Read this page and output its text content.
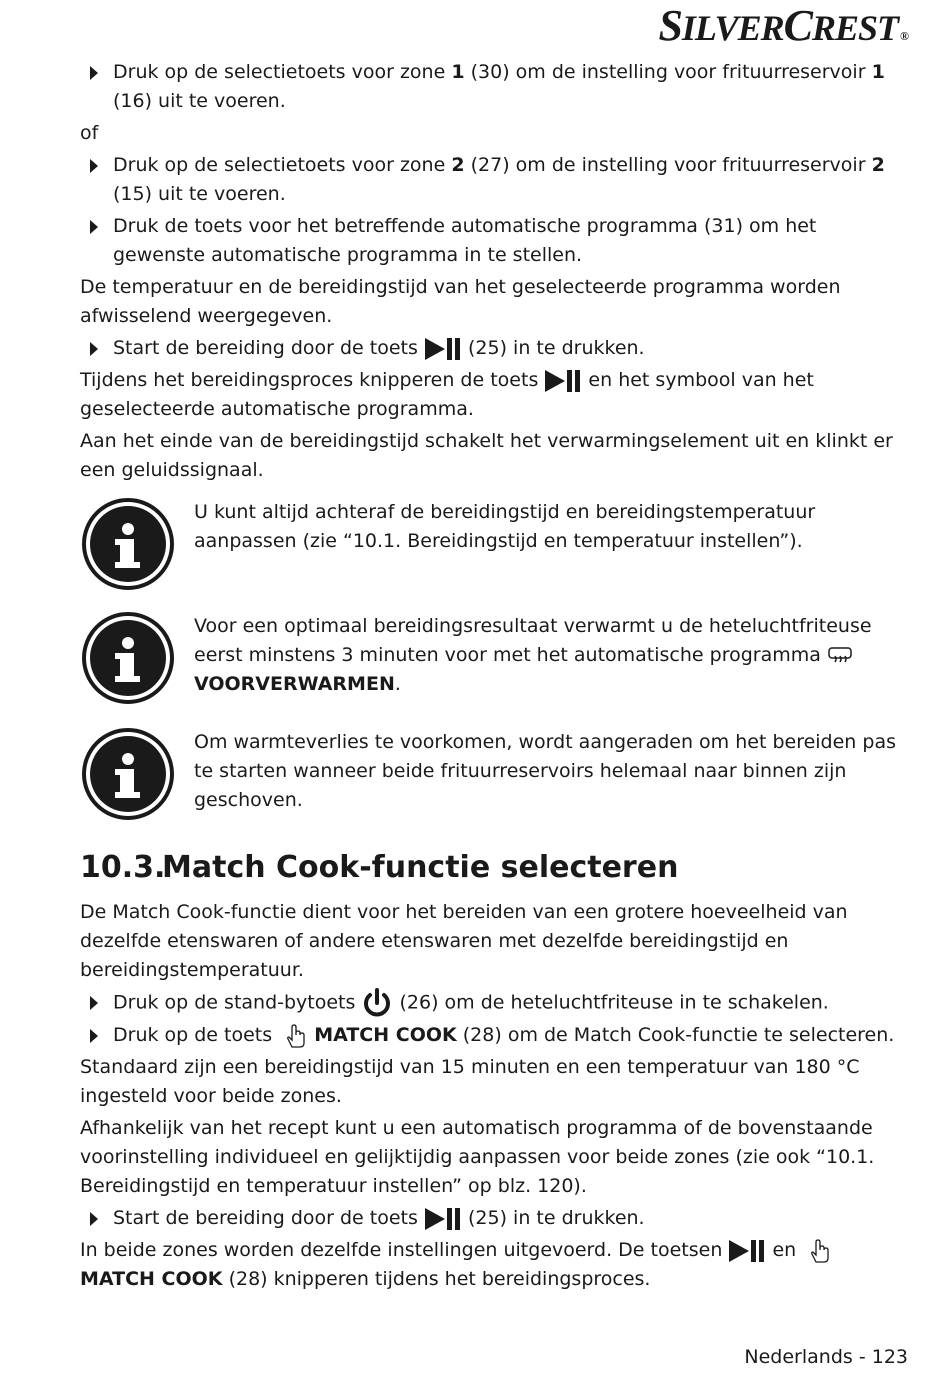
SILVERCREST ®

Druk op de selectietoets voor zone 1 (30) om de instelling voor frituurreservoir 1 (16) uit te voeren.

of

Druk op de selectietoets voor zone 2 (27) om de instelling voor frituurreservoir 2 (15) uit te voeren.

Druk de toets voor het betreffende automatische programma (31) om het gewenste automatische programma in te stellen.

De temperatuur en de bereidingstijd van het geselecteerde programma worden afwisselend weergegeven.

Start de bereiding door de toets  (25) in te drukken.

Tijdens het bereidingsproces knipperen de toets  en het symbool van het geselecteerde automatische programma.

Aan het einde van de bereidingstijd schakelt het verwarmingselement uit en klinkt er een geluidssignaal.

U kunt altijd achteraf de bereidingstijd en bereidingstemperatuur aanpassen (zie “10.1. Bereidingstijd en temperatuur instellen”).
Voor een optimaal bereidingsresultaat verwarmt u de heteluchtfriteuse eerst minstens 3 minuten voor met het automatische programma
VOORVERWARMEN.
Om warmteverlies te voorkomen, wordt aangeraden om het bereiden pas te starten wanneer beide frituurreservoirs helemaal naar binnen zijn geschoven.
10.3.Match Cook-functie selecteren

De Match Cook-functie dient voor het bereiden van een grotere hoeveelheid van dezelfde etenswaren of andere etenswaren met dezelfde bereidingstijd en bereidingstemperatuur.

Druk op de stand-bytoets  (26) om de heteluchtfriteuse in te schakelen.

Druk op de toets MATCH COOK (28) om de Match Cook-functie te selecteren.

Standaard zijn een bereidingstijd van 15 minuten en een temperatuur van 180 °C ingesteld voor beide zones.

Afhankelijk van het recept kunt u een automatisch programma of de bovenstaande voorinstelling individueel en gelijktijdig aanpassen voor beide zones (zie ook “10.1. Bereidingstijd en temperatuur instellen” op blz. 120).

Start de bereiding door de toets  (25) in te drukken.

In beide zones worden dezelfde instellingen uitgevoerd. De toetsen  en MATCH COOK (28) knipperen tijdens het bereidingsproces.

Nederlands - 123
